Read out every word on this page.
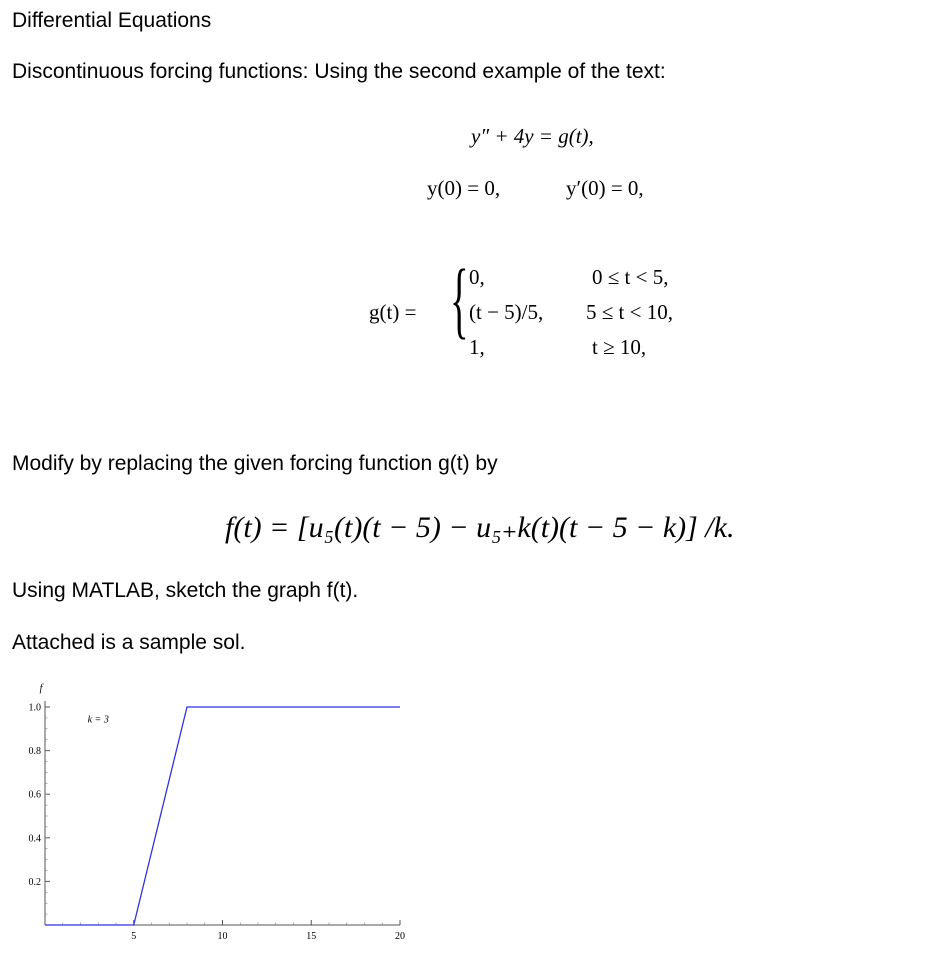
Differential Equations
Discontinuous forcing functions: Using the second example of the text:
y″ + 4y = g(t),
y(0) = 0,	y′(0) = 0,
g(t) = { 0,	0 ≤ t < 5,
(t − 5)/5, 5 ≤ t < 10,
1,	t ≥ 10,
Modify by replacing the given forcing function g(t) by
f(t) = [u₅(t)(t − 5) − u₅₊k(t)(t − 5 − k)] /k.
Using MATLAB, sketch the graph f(t).
Attached is a sample sol.
0.2
0.4
0.6
0.8
1.0
5	10	15	20
f
k = 3
